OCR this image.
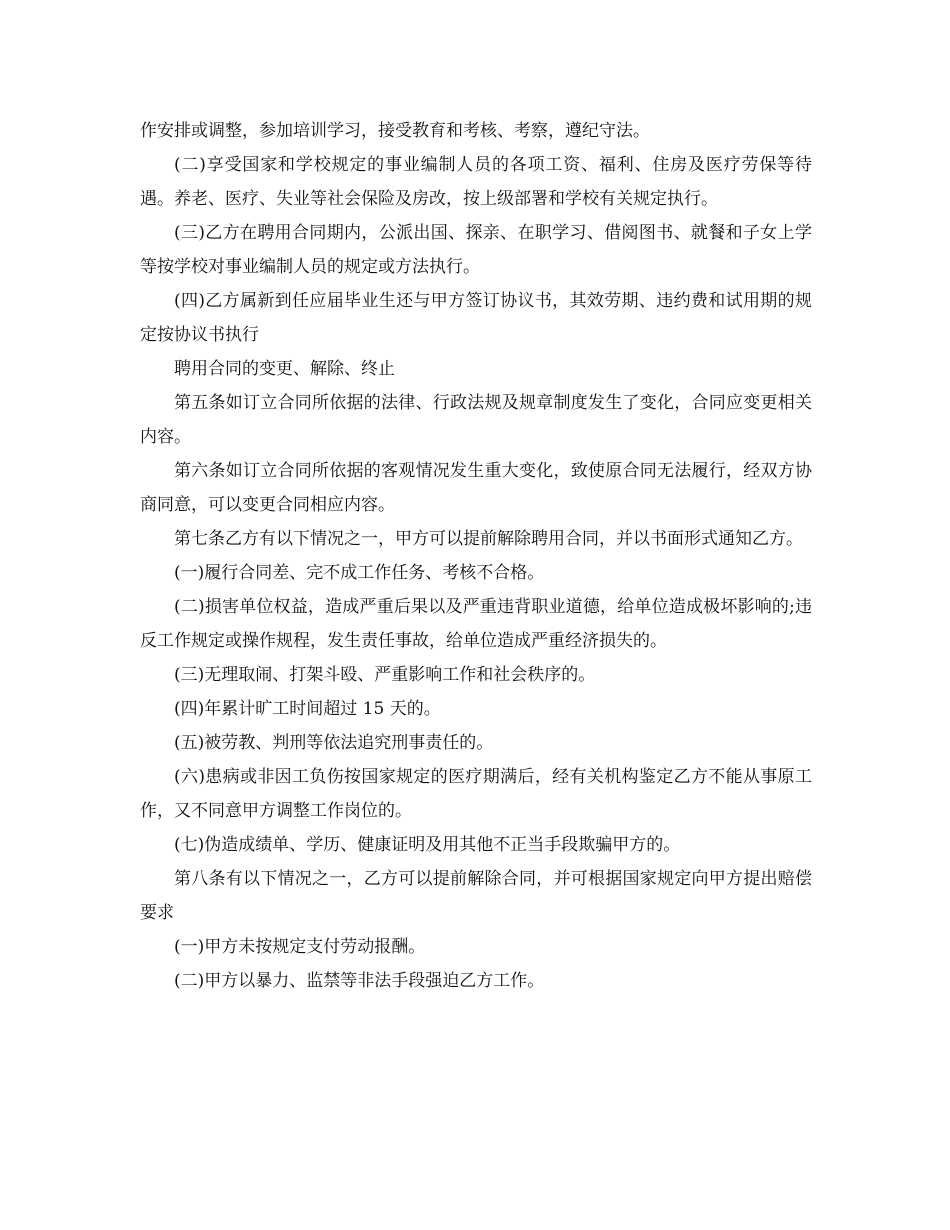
作安排或调整，参加培训学习，接受教育和考核、考察，遵纪守法。

(二)享受国家和学校规定的事业编制人员的各项工资、福利、住房及医疗劳保等待遇。养老、医疗、失业等社会保险及房改，按上级部署和学校有关规定执行。

(三)乙方在聘用合同期内，公派出国、探亲、在职学习、借阅图书、就餐和子女上学等按学校对事业编制人员的规定或方法执行。

(四)乙方属新到任应届毕业生还与甲方签订协议书，其效劳期、违约费和试用期的规定按协议书执行

聘用合同的变更、解除、终止

第五条如订立合同所依据的法律、行政法规及规章制度发生了变化，合同应变更相关内容。

第六条如订立合同所依据的客观情况发生重大变化，致使原合同无法履行，经双方协商同意，可以变更合同相应内容。

第七条乙方有以下情况之一，甲方可以提前解除聘用合同，并以书面形式通知乙方。

(一)履行合同差、完不成工作任务、考核不合格。

(二)损害单位权益，造成严重后果以及严重违背职业道德，给单位造成极坏影响的;违反工作规定或操作规程，发生责任事故，给单位造成严重经济损失的。

(三)无理取闹、打架斗殴、严重影响工作和社会秩序的。

(四)年累计旷工时间超过 15 天的。

(五)被劳教、判刑等依法追究刑事责任的。

(六)患病或非因工负伤按国家规定的医疗期满后，经有关机构鉴定乙方不能从事原工作，又不同意甲方调整工作岗位的。

(七)伪造成绩单、学历、健康证明及用其他不正当手段欺骗甲方的。

第八条有以下情况之一，乙方可以提前解除合同，并可根据国家规定向甲方提出赔偿要求

(一)甲方未按规定支付劳动报酬。

(二)甲方以暴力、监禁等非法手段强迫乙方工作。
